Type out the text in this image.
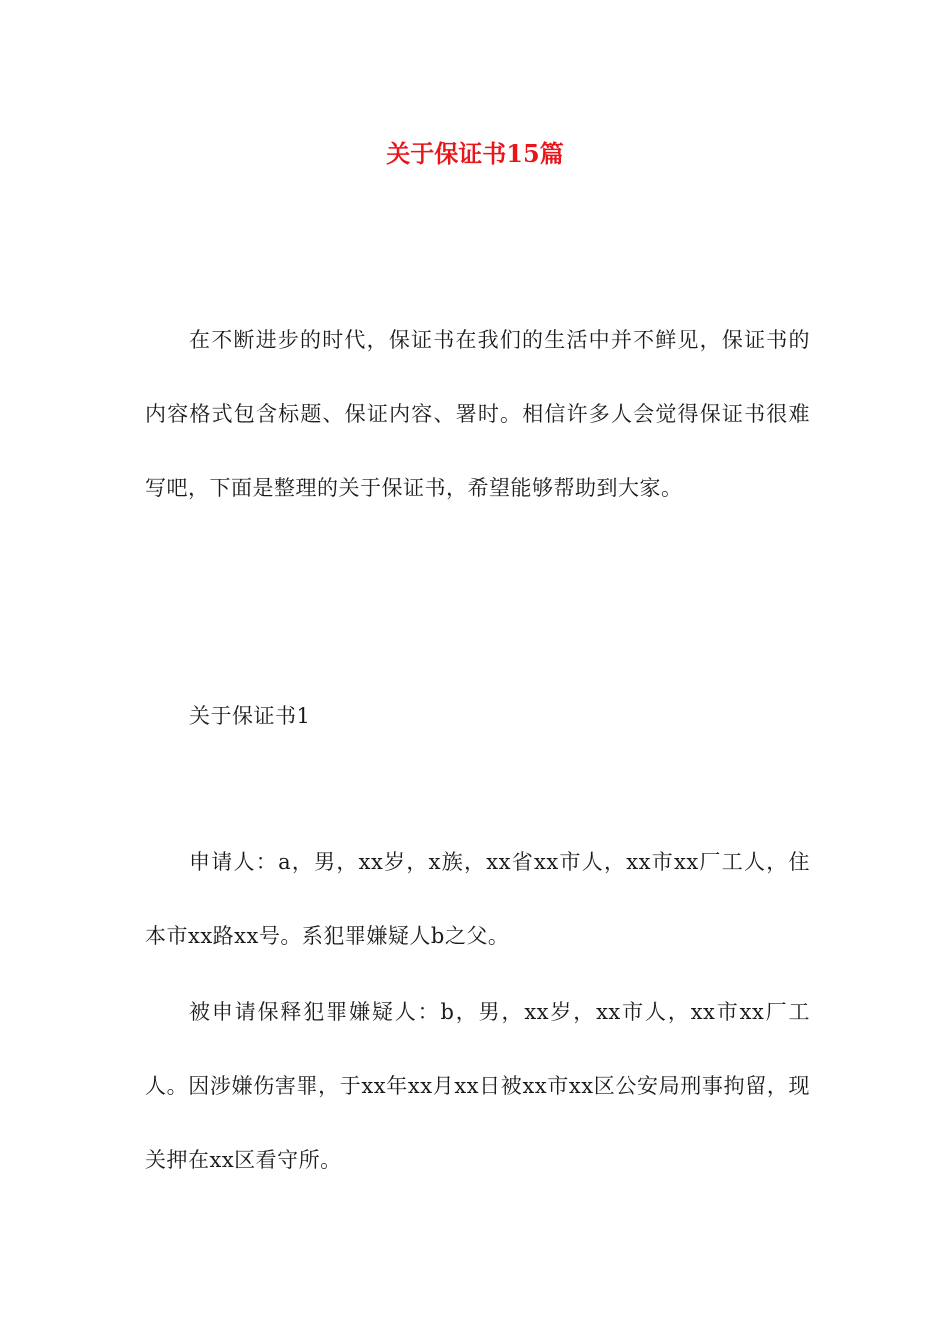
关于保证书15篇

在不断进步的时代，保证书在我们的生活中并不鲜见，保证书的内容格式包含标题、保证内容、署时。相信许多人会觉得保证书很难写吧，下面是整理的关于保证书，希望能够帮助到大家。

关于保证书1

申请人：a，男，xx岁，x族，xx省xx市人，xx市xx厂工人，住本市xx路xx号。系犯罪嫌疑人b之父。

被申请保释犯罪嫌疑人：b，男，xx岁，xx市人，xx市xx厂工人。因涉嫌伤害罪，于xx年xx月xx日被xx市xx区公安局刑事拘留，现关押在xx区看守所。
